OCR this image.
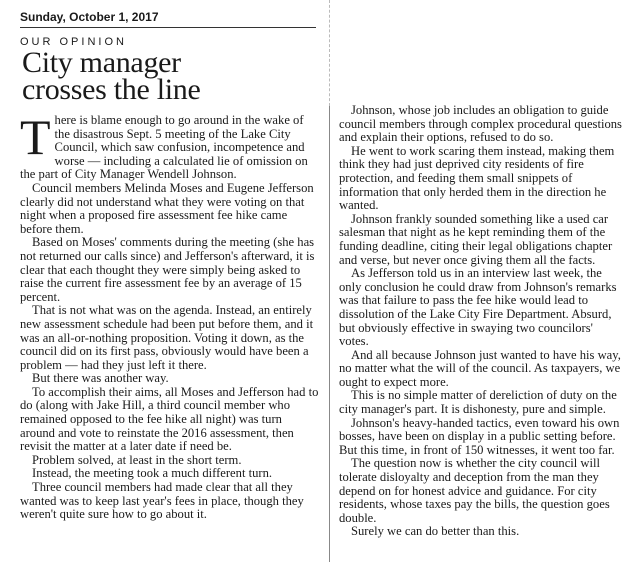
Sunday, October 1, 2017
OUR OPINION
City manager
crosses the line

There is blame enough to go around in the wake of the disastrous Sept. 5 meeting of the Lake City Council, which saw confusion, incompetence and worse — including a calculated lie of omission on the part of City Manager Wendell Johnson.

Council members Melinda Moses and Eugene Jefferson clearly did not understand what they were voting on that night when a proposed fire assessment fee hike came before them.

Based on Moses' comments during the meeting (she has not returned our calls since) and Jefferson's afterward, it is clear that each thought they were simply being asked to raise the current fire assessment fee by an average of 15 percent.

That is not what was on the agenda. Instead, an entirely new assessment schedule had been put before them, and it was an all-or-nothing proposition. Voting it down, as the council did on its first pass, obviously would have been a problem — had they just left it there.

But there was another way.

To accomplish their aims, all Moses and Jefferson had to do (along with Jake Hill, a third council member who remained opposed to the fee hike all night) was turn around and vote to reinstate the 2016 assessment, then revisit the matter at a later date if need be.

Problem solved, at least in the short term.

Instead, the meeting took a much different turn.

Three council members had made clear that all they wanted was to keep last year's fees in place, though they weren't quite sure how to go about it.

Johnson, whose job includes an obligation to guide council members through complex procedural questions and explain their options, refused to do so.

He went to work scaring them instead, making them think they had just deprived city residents of fire protection, and feeding them small snippets of information that only herded them in the direction he wanted.

Johnson frankly sounded something like a used car salesman that night as he kept reminding them of the funding deadline, citing their legal obligations chapter and verse, but never once giving them all the facts.

As Jefferson told us in an interview last week, the only conclusion he could draw from Johnson's remarks was that failure to pass the fee hike would lead to dissolution of the Lake City Fire Department. Absurd, but obviously effective in swaying two councilors' votes.

And all because Johnson just wanted to have his way, no matter what the will of the council. As taxpayers, we ought to expect more.

This is no simple matter of dereliction of duty on the city manager's part. It is dishonesty, pure and simple.

Johnson's heavy-handed tactics, even toward his own bosses, have been on display in a public setting before. But this time, in front of 150 witnesses, it went too far.

The question now is whether the city council will tolerate disloyalty and deception from the man they depend on for honest advice and guidance. For city residents, whose taxes pay the bills, the question goes double.

Surely we can do better than this.
